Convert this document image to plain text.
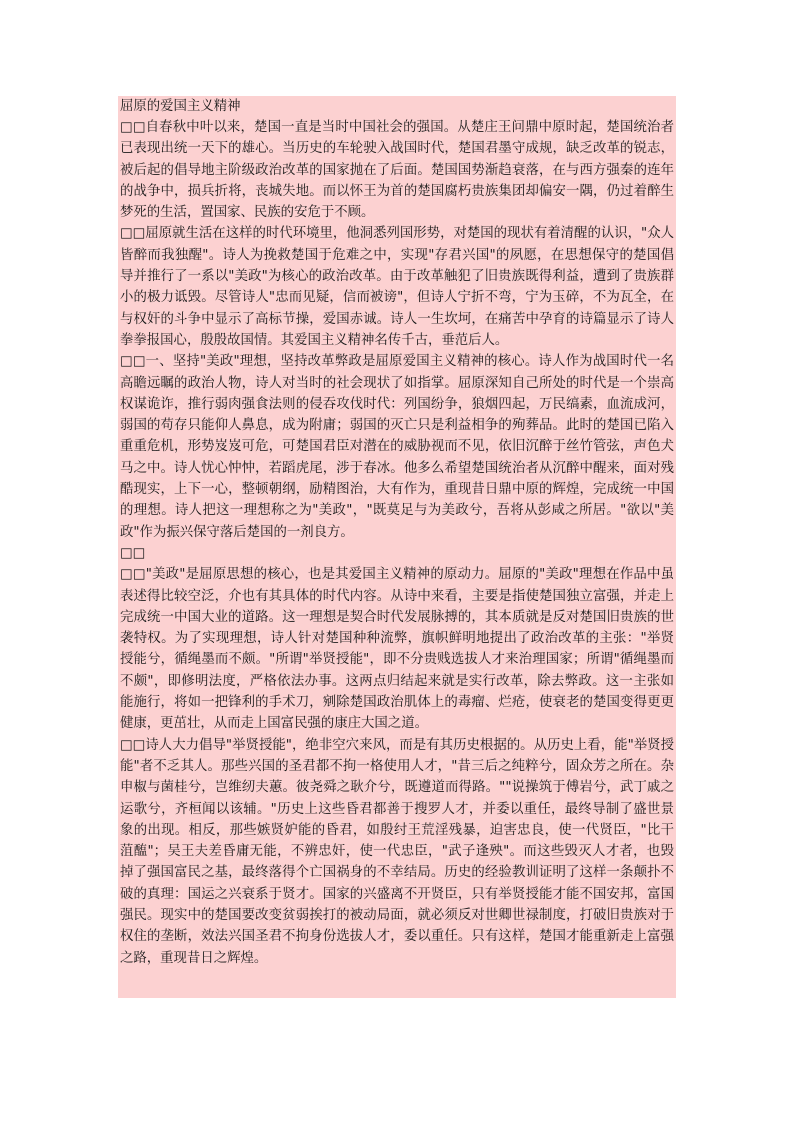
屈原的爱国主义精神

□□自春秋中叶以来，楚国一直是当时中国社会的强国。从楚庄王问鼎中原时起，楚国统治者已表现出统一天下的雄心。当历史的车轮驶入战国时代，楚国君墨守成规，缺乏改革的锐志，被后起的倡导地主阶级政治改革的国家抛在了后面。楚国国势渐趋衰落，在与西方强秦的连年的战争中，损兵折将，丧城失地。而以怀王为首的楚国腐朽贵族集团却偏安一隅，仍过着醉生梦死的生活，置国家、民族的安危于不顾。

□□屈原就生活在这样的时代环境里，他洞悉列国形势，对楚国的现状有着清醒的认识，"众人皆醉而我独醒"。诗人为挽救楚国于危难之中，实现"存君兴国"的夙愿，在思想保守的楚国倡导并推行了一系以"美政"为核心的政治改革。由于改革触犯了旧贵族既得利益，遭到了贵族群小的极力诋毁。尽管诗人"忠而见疑，信而被谤"，但诗人宁折不弯，宁为玉碎，不为瓦全，在与权奸的斗争中显示了高标节操，爱国赤诚。诗人一生坎坷，在痛苦中孕育的诗篇显示了诗人拳拳报国心，殷殷故国情。其爱国主义精神名传千古，垂范后人。

□□一、坚持"美政"理想，坚持改革弊政是屈原爱国主义精神的核心。诗人作为战国时代一名高瞻远瞩的政治人物，诗人对当时的社会现状了如指掌。屈原深知自己所处的时代是一个崇高权谋诡诈，推行弱肉强食法则的侵吞攻伐时代：列国纷争，狼烟四起，万民缟素，血流成河，弱国的苟存只能仰人鼻息，成为附庸；弱国的灭亡只是利益相争的殉葬品。此时的楚国已陷入重重危机，形势岌岌可危，可楚国君臣对潜在的威胁视而不见，依旧沉醉于丝竹管弦，声色犬马之中。诗人忧心忡忡，若蹈虎尾，涉于春冰。他多么希望楚国统治者从沉醉中醒来，面对残酷现实，上下一心，整顿朝纲，励精图治，大有作为，重现昔日鼎中原的辉煌，完成统一中国的理想。诗人把这一理想称之为"美政"，"既莫足与为美政兮，吾将从彭咸之所居。"欲以"美政"作为振兴保守落后楚国的一剂良方。

□□

□□"美政"是屈原思想的核心，也是其爱国主义精神的原动力。屈原的"美政"理想在作品中虽表述得比较空泛，介也有其具体的时代内容。从诗中来看，主要是指使楚国独立富强，并走上完成统一中国大业的道路。这一理想是契合时代发展脉搏的，其本质就是反对楚国旧贵族的世袭特权。为了实现理想，诗人针对楚国种种流弊，旗帜鲜明地提出了政治改革的主张："举贤授能兮，循绳墨而不颇。"所谓"举贤授能"，即不分贵贱选拔人才来治理国家；所谓"循绳墨而不颇"，即修明法度，严格依法办事。这两点归结起来就是实行改革，除去弊政。这一主张如能施行，将如一把锋利的手术刀，剜除楚国政治肌体上的毒瘤、烂疮，使衰老的楚国变得更更健康，更茁壮，从而走上国富民强的康庄大国之道。

□□诗人大力倡导"举贤授能"，绝非空穴来风，而是有其历史根据的。从历史上看，能"举贤授能"者不乏其人。那些兴国的圣君都不拘一格使用人才，"昔三后之纯粹兮，固众芳之所在。杂申椒与菌桂兮，岂维纫夫蕙。彼尧舜之耿介兮，既遵道而得路。""说操筑于傅岩兮，武丁戚之运歌兮，齐桓闻以该辅。"历史上这些昏君都善于搜罗人才，并委以重任，最终导制了盛世景象的出现。相反，那些嫉贤妒能的昏君，如殷纣王荒淫残暴，迫害忠良，使一代贤臣，"比干菹醢"；吴王夫差昏庸无能，不辨忠奸，使一代忠臣，"武子逢殃"。而这些毁灭人才者，也毁掉了强国富民之基，最终落得个亡国祸身的不幸结局。历史的经验教训证明了这样一条颠扑不破的真理：国运之兴衰系于贤才。国家的兴盛离不开贤臣，只有举贤授能才能不国安邦，富国强民。现实中的楚国要改变贫弱挨打的被动局面，就必须反对世卿世禄制度，打破旧贵族对于权住的垄断，效法兴国圣君不拘身份选拔人才，委以重任。只有这样，楚国才能重新走上富强之路，重现昔日之辉煌。
